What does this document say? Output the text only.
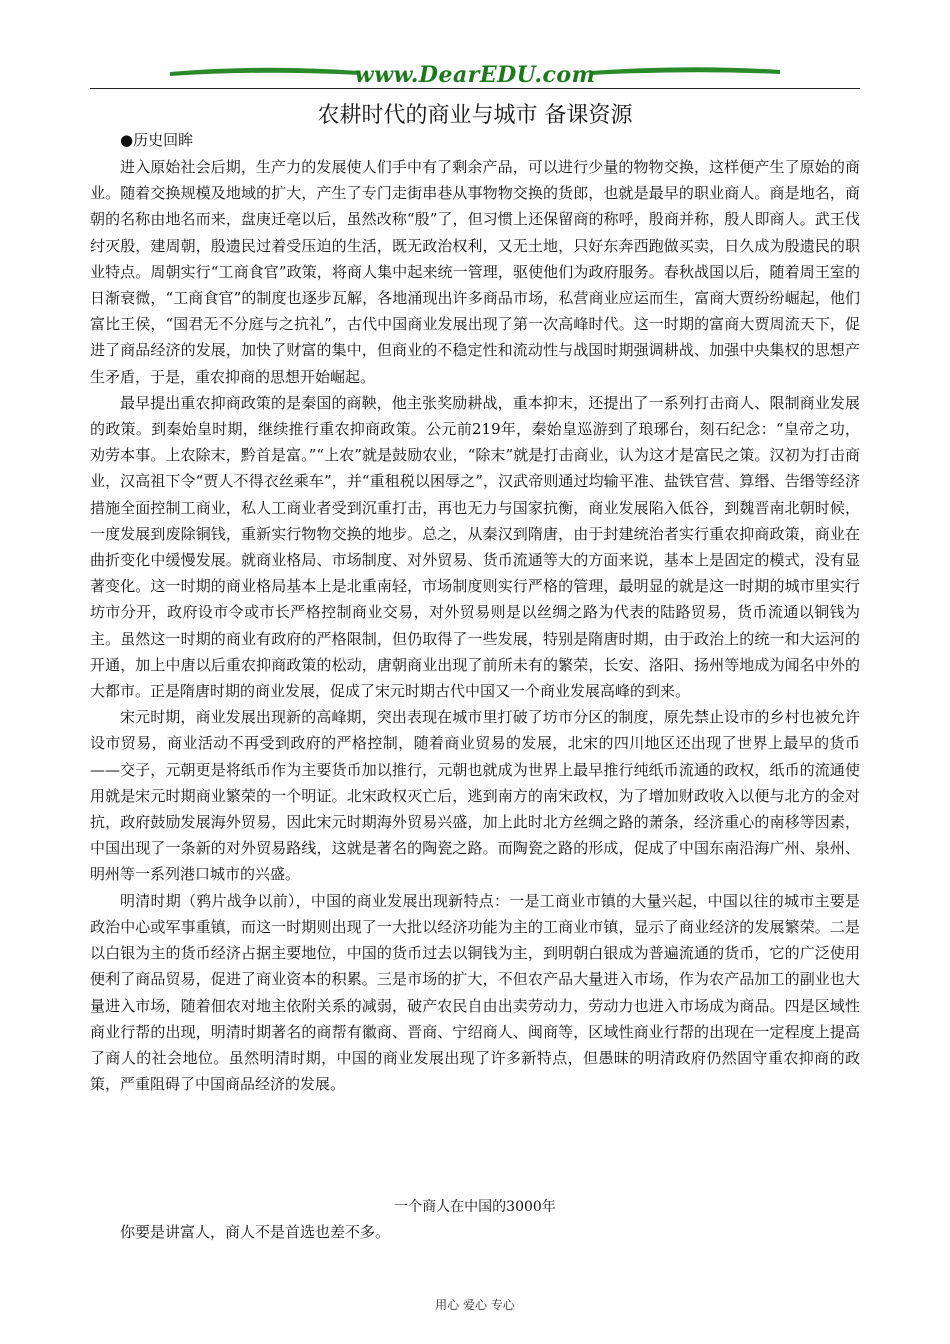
www.DearEDU.com
农耕时代的商业与城市 备课资源
●历史回眸

进入原始社会后期，生产力的发展使人们手中有了剩余产品，可以进行少量的物物交换，这样便产生了原始的商业。随着交换规模及地域的扩大，产生了专门走街串巷从事物物交换的货郎，也就是最早的职业商人。商是地名，商朝的名称由地名而来，盘庚迁亳以后，虽然改称“殷”了，但习惯上还保留商的称呼，殷商并称，殷人即商人。武王伐纣灭殷，建周朝，殷遗民过着受压迫的生活，既无政治权利，又无土地，只好东奔西跑做买卖，日久成为殷遗民的职业特点。周朝实行“工商食官”政策，将商人集中起来统一管理，驱使他们为政府服务。春秋战国以后，随着周王室的日渐衰微，“工商食官”的制度也逐步瓦解，各地涌现出许多商品市场，私营商业应运而生，富商大贾纷纷崛起，他们富比王侯，“国君无不分庭与之抗礼”，古代中国商业发展出现了第一次高峰时代。这一时期的富商大贾周流天下，促进了商品经济的发展，加快了财富的集中，但商业的不稳定性和流动性与战国时期强调耕战、加强中央集权的思想产生矛盾，于是，重农抑商的思想开始崛起。

最早提出重农抑商政策的是秦国的商鞅，他主张奖励耕战，重本抑末，还提出了一系列打击商人、限制商业发展的政策。到秦始皇时期，继续推行重农抑商政策。公元前219年，秦始皇巡游到了琅琊台，刻石纪念：“皇帝之功，劝劳本事。上农除末，黔首是富。”“上农”就是鼓励农业，“除末”就是打击商业，认为这才是富民之策。汉初为打击商业，汉高祖下令“贾人不得衣丝乘车”，并“重租税以困辱之”，汉武帝则通过均输平准、盐铁官营、算缗、告缗等经济措施全面控制工商业，私人工商业者受到沉重打击，再也无力与国家抗衡，商业发展陷入低谷，到魏晋南北朝时候，一度发展到废除铜钱，重新实行物物交换的地步。总之，从秦汉到隋唐，由于封建统治者实行重农抑商政策，商业在曲折变化中缓慢发展。就商业格局、市场制度、对外贸易、货币流通等大的方面来说，基本上是固定的模式，没有显著变化。这一时期的商业格局基本上是北重南轻，市场制度则实行严格的管理，最明显的就是这一时期的城市里实行坊市分开，政府设市令或市长严格控制商业交易，对外贸易则是以丝绸之路为代表的陆路贸易，货币流通以铜钱为主。虽然这一时期的商业有政府的严格限制，但仍取得了一些发展，特别是隋唐时期，由于政治上的统一和大运河的开通，加上中唐以后重农抑商政策的松动，唐朝商业出现了前所未有的繁荣，长安、洛阳、扬州等地成为闻名中外的大都市。正是隋唐时期的商业发展，促成了宋元时期古代中国又一个商业发展高峰的到来。

宋元时期，商业发展出现新的高峰期，突出表现在城市里打破了坊市分区的制度，原先禁止设市的乡村也被允许设市贸易，商业活动不再受到政府的严格控制，随着商业贸易的发展，北宋的四川地区还出现了世界上最早的货币——交子，元朝更是将纸币作为主要货币加以推行，元朝也就成为世界上最早推行纯纸币流通的政权，纸币的流通使用就是宋元时期商业繁荣的一个明证。北宋政权灭亡后，逃到南方的南宋政权，为了增加财政收入以便与北方的金对抗，政府鼓励发展海外贸易，因此宋元时期海外贸易兴盛，加上此时北方丝绸之路的萧条，经济重心的南移等因素，中国出现了一条新的对外贸易路线，这就是著名的陶瓷之路。而陶瓷之路的形成，促成了中国东南沿海广州、泉州、明州等一系列港口城市的兴盛。

明清时期（鸦片战争以前），中国的商业发展出现新特点：一是工商业市镇的大量兴起，中国以往的城市主要是政治中心或军事重镇，而这一时期则出现了一大批以经济功能为主的工商业市镇，显示了商业经济的发展繁荣。二是以白银为主的货币经济占据主要地位，中国的货币过去以铜钱为主，到明朝白银成为普遍流通的货币，它的广泛使用便利了商品贸易，促进了商业资本的积累。三是市场的扩大，不但农产品大量进入市场，作为农产品加工的副业也大量进入市场，随着佃农对地主依附关系的减弱，破产农民自由出卖劳动力，劳动力也进入市场成为商品。四是区域性商业行帮的出现，明清时期著名的商帮有徽商、晋商、宁绍商人、闽商等，区域性商业行帮的出现在一定程度上提高了商人的社会地位。虽然明清时期，中国的商业发展出现了许多新特点，但愚昧的明清政府仍然固守重农抑商的政策，严重阻碍了中国商品经济的发展。

一个商人在中国的3000年
你要是讲富人，商人不是首选也差不多。
用心 爱心 专心
